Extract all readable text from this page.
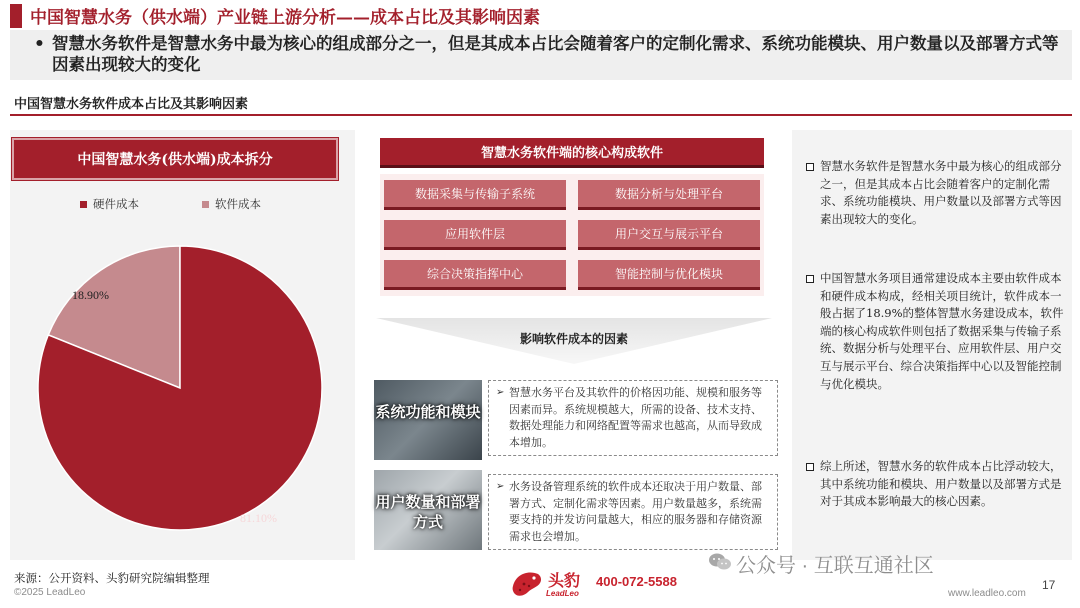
中国智慧水务（供水端）产业链上游分析——成本占比及其影响因素
• 智慧水务软件是智慧水务中最为核心的组成部分之一，但是其成本占比会随着客户的定制化需求、系统功能模块、用户数量以及部署方式等因素出现较大的变化
中国智慧水务软件成本占比及其影响因素
中国智慧水务(供水端)成本拆分
硬件成本	软件成本
18.90%
81.10%
智慧水务软件端的核心构成软件
数据采集与传输子系统	数据分析与处理平台
应用软件层	用户交互与展示平台
综合决策指挥中心	智能控制与优化模块
影响软件成本的因素
系统功能和模块
➢ 智慧水务平台及其软件的价格因功能、规模和服务等因素而异。系统规模越大，所需的设备、技术支持、数据处理能力和网络配置等需求也越高，从而导致成本增加。
用户数量和部署方式
➢ 水务设备管理系统的软件成本还取决于用户数量、部署方式、定制化需求等因素。用户数量越多，系统需要支持的并发访问量越大，相应的服务器和存储资源需求也会增加。
智慧水务软件是智慧水务中最为核心的组成部分之一，但是其成本占比会随着客户的定制化需求、系统功能模块、用户数量以及部署方式等因素出现较大的变化。
中国智慧水务项目通常建设成本主要由软件成本和硬件成本构成，经相关项目统计，软件成本一般占据了18.9%的整体智慧水务建设成本，软件端的核心构成软件则包括了数据采集与传输子系统、数据分析与处理平台、应用软件层、用户交互与展示平台、综合决策指挥中心以及智能控制与优化模块。
综上所述，智慧水务的软件成本占比浮动较大，其中系统功能和模块、用户数量以及部署方式是对于其成本影响最大的核心因素。
来源：公开资料、头豹研究院编辑整理
©2025 LeadLeo
头豹
LeadLeo
400-072-5588
公众号 · 互联互通社区
www.leadleo.com
17
